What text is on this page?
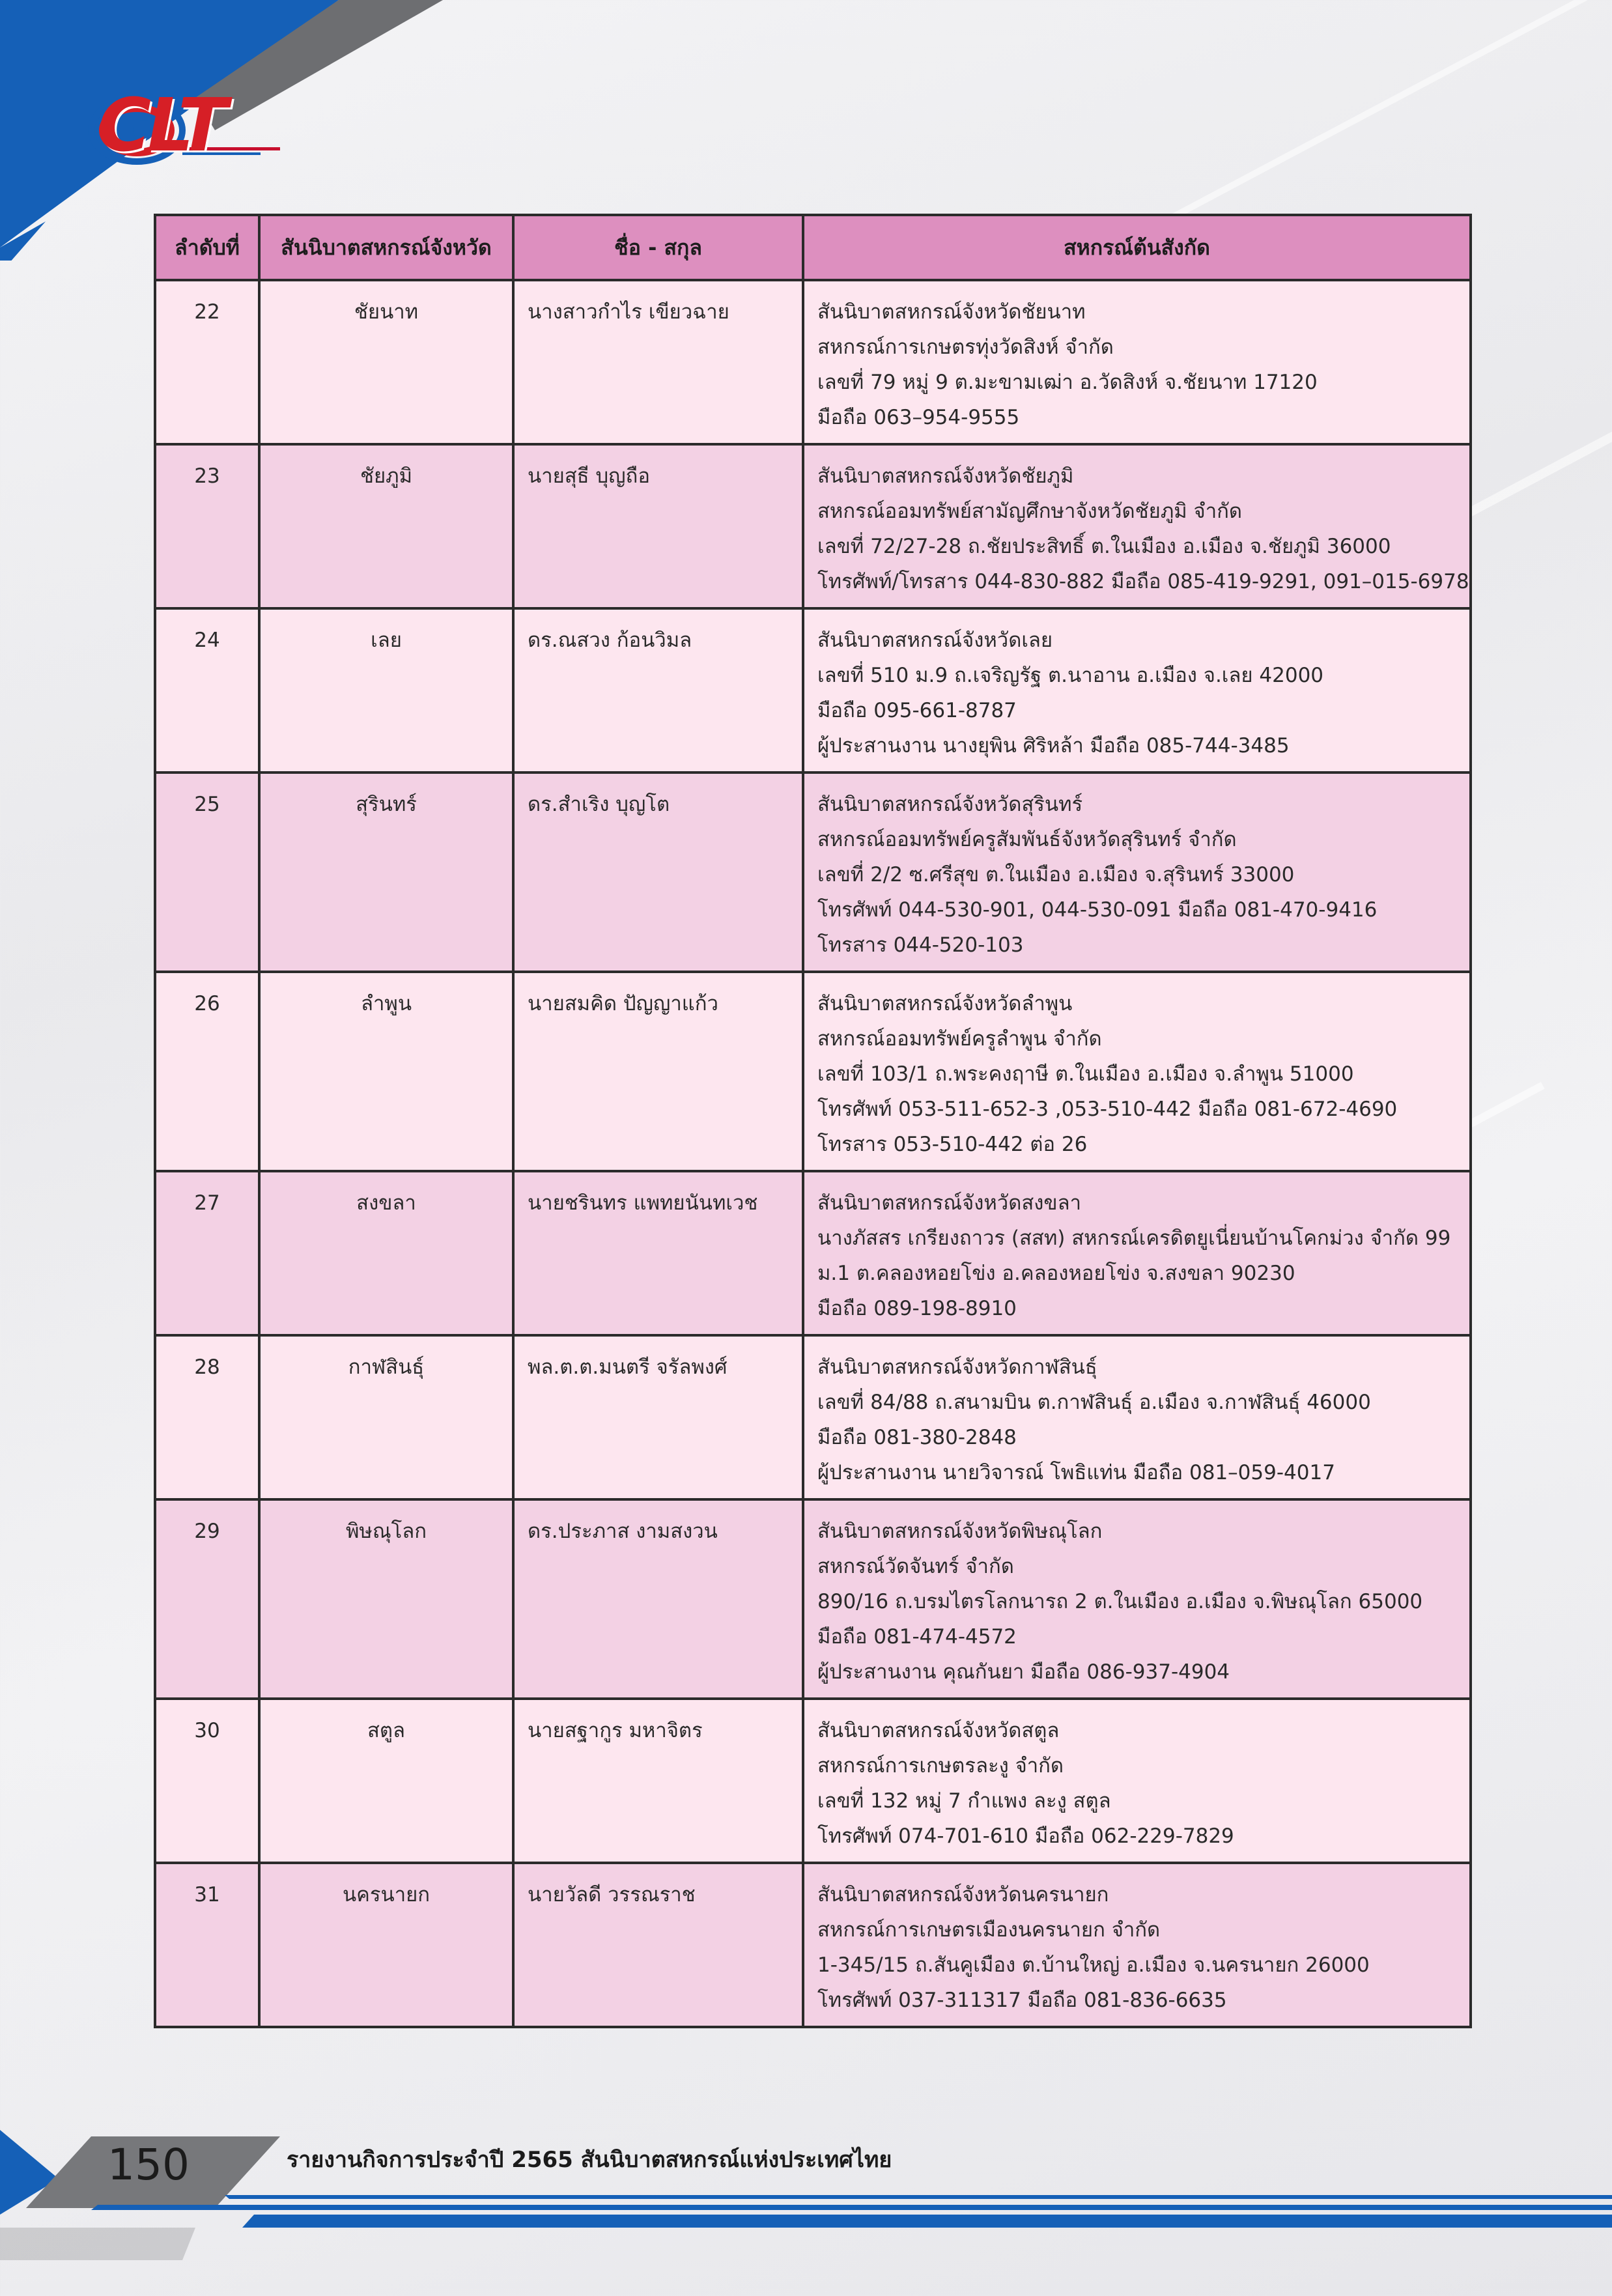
CLT
ลำดับที่	สันนิบาตสหกรณ์จังหวัด	ชื่อ - สกุล	สหกรณ์ต้นสังกัด
22	ชัยนาท	นางสาวกำไร เขียวฉาย	สันนิบาตสหกรณ์จังหวัดชัยนาท
สหกรณ์การเกษตรทุ่งวัดสิงห์ จำกัด
เลขที่ 79 หมู่ 9 ต.มะขามเฒ่า อ.วัดสิงห์ จ.ชัยนาท 17120
มือถือ 063–954-9555

23	ชัยภูมิ	นายสุธี บุญถือ	สันนิบาตสหกรณ์จังหวัดชัยภูมิ
สหกรณ์ออมทรัพย์สามัญศึกษาจังหวัดชัยภูมิ จำกัด
เลขที่ 72/27-28 ถ.ชัยประสิทธิ์ ต.ในเมือง อ.เมือง จ.ชัยภูมิ 36000
โทรศัพท์/โทรสาร 044-830-882 มือถือ 085-419-9291, 091–015-6978

24	เลย	ดร.ณสวง ก้อนวิมล	สันนิบาตสหกรณ์จังหวัดเลย
เลขที่ 510 ม.9 ถ.เจริญรัฐ ต.นาอาน อ.เมือง จ.เลย 42000
มือถือ 095-661-8787
ผู้ประสานงาน นางยุพิน ศิริหล้า มือถือ 085-744-3485

25	สุรินทร์	ดร.สำเริง บุญโต	สันนิบาตสหกรณ์จังหวัดสุรินทร์
สหกรณ์ออมทรัพย์ครูสัมพันธ์จังหวัดสุรินทร์ จำกัด
เลขที่ 2/2 ซ.ศรีสุข ต.ในเมือง อ.เมือง จ.สุรินทร์ 33000
โทรศัพท์ 044-530-901, 044-530-091 มือถือ 081-470-9416
โทรสาร 044-520-103

26	ลำพูน	นายสมคิด ปัญญาแก้ว	สันนิบาตสหกรณ์จังหวัดลำพูน
สหกรณ์ออมทรัพย์ครูลำพูน จำกัด
เลขที่ 103/1 ถ.พระคงฤาษี ต.ในเมือง อ.เมือง จ.ลำพูน 51000
โทรศัพท์ 053-511-652-3 ,053-510-442 มือถือ 081-672-4690
โทรสาร 053-510-442 ต่อ 26

27	สงขลา	นายชรินทร แพทยนันทเวช	สันนิบาตสหกรณ์จังหวัดสงขลา
นางภัสสร เกรียงถาวร (สสท) สหกรณ์เครดิตยูเนี่ยนบ้านโคกม่วง จำกัด 99
ม.1 ต.คลองหอยโข่ง อ.คลองหอยโข่ง จ.สงขลา 90230
มือถือ 089-198-8910

28	กาฬสินธุ์	พล.ต.ต.มนตรี จรัลพงศ์	สันนิบาตสหกรณ์จังหวัดกาฬสินธุ์
เลขที่ 84/88 ถ.สนามบิน ต.กาฬสินธุ์ อ.เมือง จ.กาฬสินธุ์ 46000
มือถือ 081-380-2848
ผู้ประสานงาน นายวิจารณ์ โพธิแท่น มือถือ 081–059-4017

29	พิษณุโลก	ดร.ประภาส งามสงวน	สันนิบาตสหกรณ์จังหวัดพิษณุโลก
สหกรณ์วัดจันทร์ จำกัด
890/16 ถ.บรมไตรโลกนารถ 2 ต.ในเมือง อ.เมือง จ.พิษณุโลก 65000
มือถือ 081-474-4572
ผู้ประสานงาน คุณกันยา มือถือ 086-937-4904

30	สตูล	นายสฐากูร มหาจิตร	สันนิบาตสหกรณ์จังหวัดสตูล
สหกรณ์การเกษตรละงู จำกัด
เลขที่ 132 หมู่ 7 กำแพง ละงู สตูล
โทรศัพท์ 074-701-610 มือถือ 062-229-7829

31	นครนายก	นายวัลดี วรรณราช	สันนิบาตสหกรณ์จังหวัดนครนายก
สหกรณ์การเกษตรเมืองนครนายก จำกัด
1-345/15 ถ.สันคูเมือง ต.บ้านใหญ่ อ.เมือง จ.นครนายก 26000
โทรศัพท์ 037-311317 มือถือ 081-836-6635
150	รายงานกิจการประจำปี 2565 สันนิบาตสหกรณ์แห่งประเทศไทย
